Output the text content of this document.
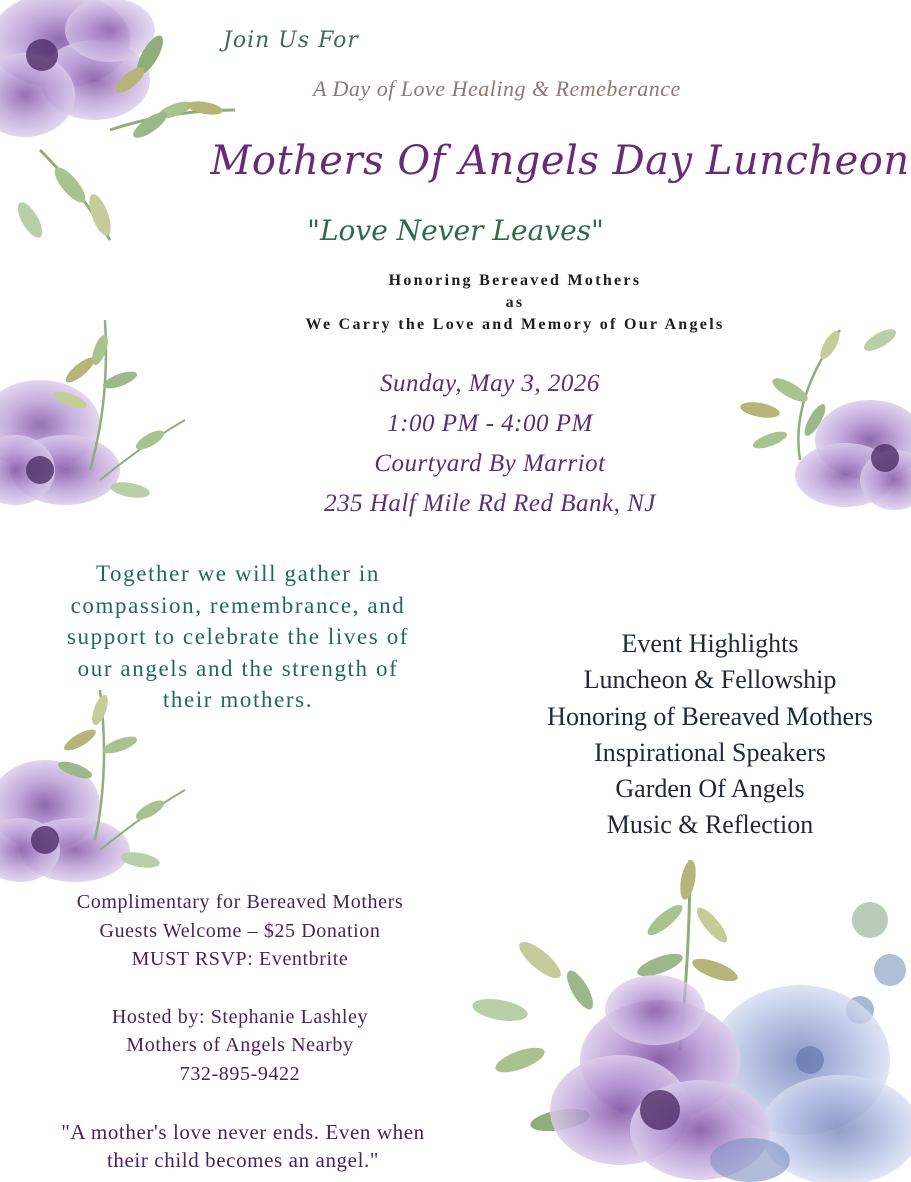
Join Us For
A Day of Love Healing & Remeberance
Mothers Of Angels Day Luncheon
"Love Never Leaves"
Honoring Bereaved Mothers
as
We Carry the Love and Memory of Our Angels
Sunday, May 3, 2026
1:00 PM - 4:00 PM
Courtyard By Marriot
235 Half Mile Rd Red Bank, NJ
Together we will gather in
compassion, remembrance, and
support to celebrate the lives of
our angels and the strength of
their mothers.
Event Highlights
Luncheon & Fellowship
Honoring of Bereaved Mothers
Inspirational Speakers
Garden Of Angels
Music & Reflection
Complimentary for Bereaved Mothers
Guests Welcome – $25 Donation
MUST RSVP: Eventbrite
Hosted by: Stephanie Lashley
Mothers of Angels Nearby
732-895-9422
"A mother's love never ends. Even when
their child becomes an angel."
